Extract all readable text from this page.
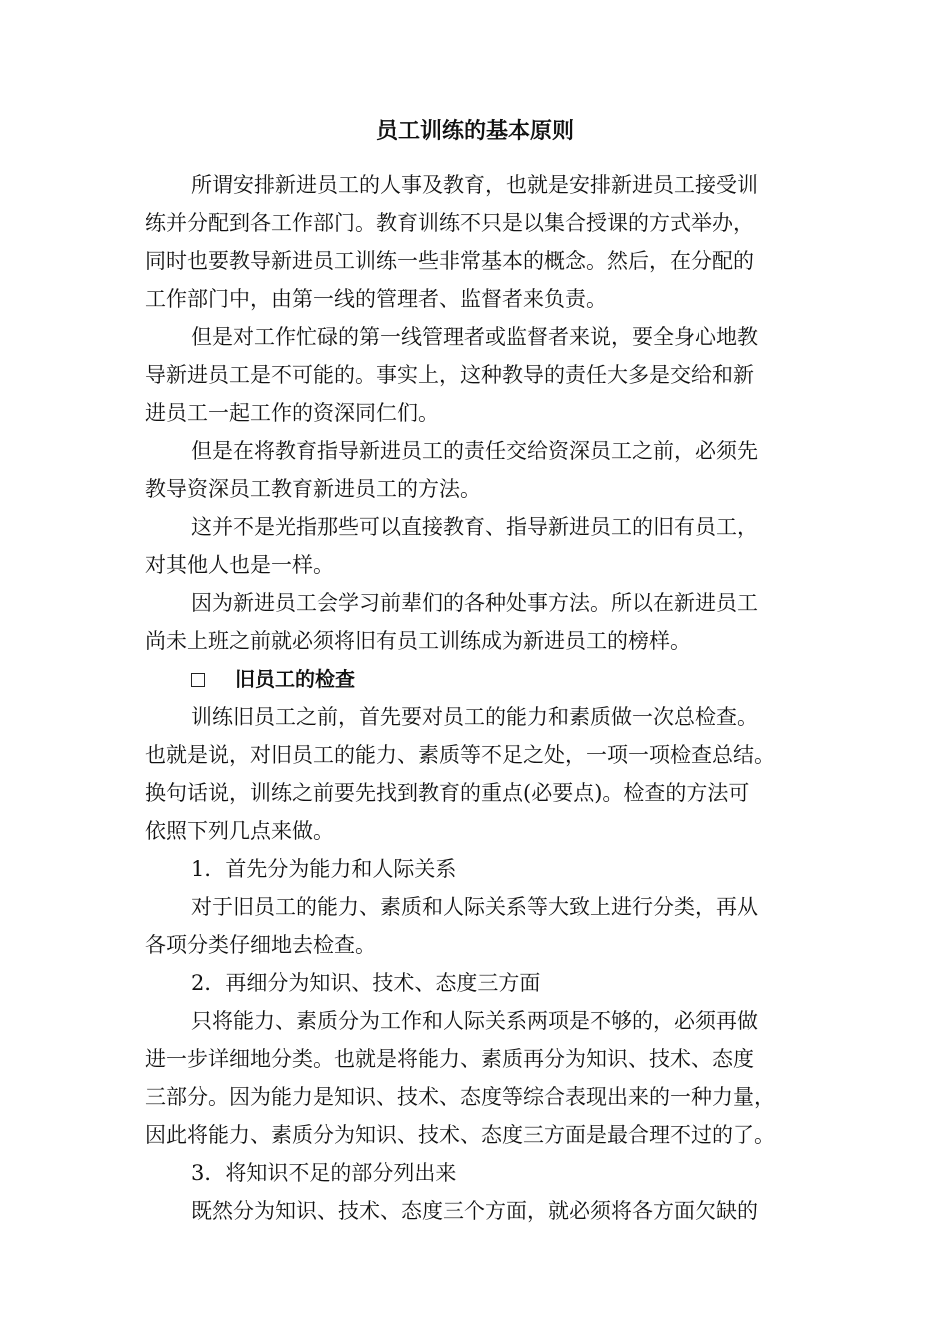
员工训练的基本原则
所谓安排新进员工的人事及教育，也就是安排新进员工接受训
练并分配到各工作部门。教育训练不只是以集合授课的方式举办，
同时也要教导新进员工训练一些非常基本的概念。然后，在分配的
工作部门中，由第一线的管理者、监督者来负责。
但是对工作忙碌的第一线管理者或监督者来说，要全身心地教
导新进员工是不可能的。事实上，这种教导的责任大多是交给和新
进员工一起工作的资深同仁们。
但是在将教育指导新进员工的责任交给资深员工之前，必须先
教导资深员工教育新进员工的方法。
这并不是光指那些可以直接教育、指导新进员工的旧有员工，
对其他人也是一样。
因为新进员工会学习前辈们的各种处事方法。所以在新进员工
尚未上班之前就必须将旧有员工训练成为新进员工的榜样。
旧员工的检查
训练旧员工之前，首先要对员工的能力和素质做一次总检查。
也就是说，对旧员工的能力、素质等不足之处，一项一项检查总结。
换句话说，训练之前要先找到教育的重点(必要点)。检查的方法可
依照下列几点来做。
1．首先分为能力和人际关系
对于旧员工的能力、素质和人际关系等大致上进行分类，再从
各项分类仔细地去检查。
2．再细分为知识、技术、态度三方面
只将能力、素质分为工作和人际关系两项是不够的，必须再做
进一步详细地分类。也就是将能力、素质再分为知识、技术、态度
三部分。因为能力是知识、技术、态度等综合表现出来的一种力量，
因此将能力、素质分为知识、技术、态度三方面是最合理不过的了。
3．将知识不足的部分列出来
既然分为知识、技术、态度三个方面，就必须将各方面欠缺的
